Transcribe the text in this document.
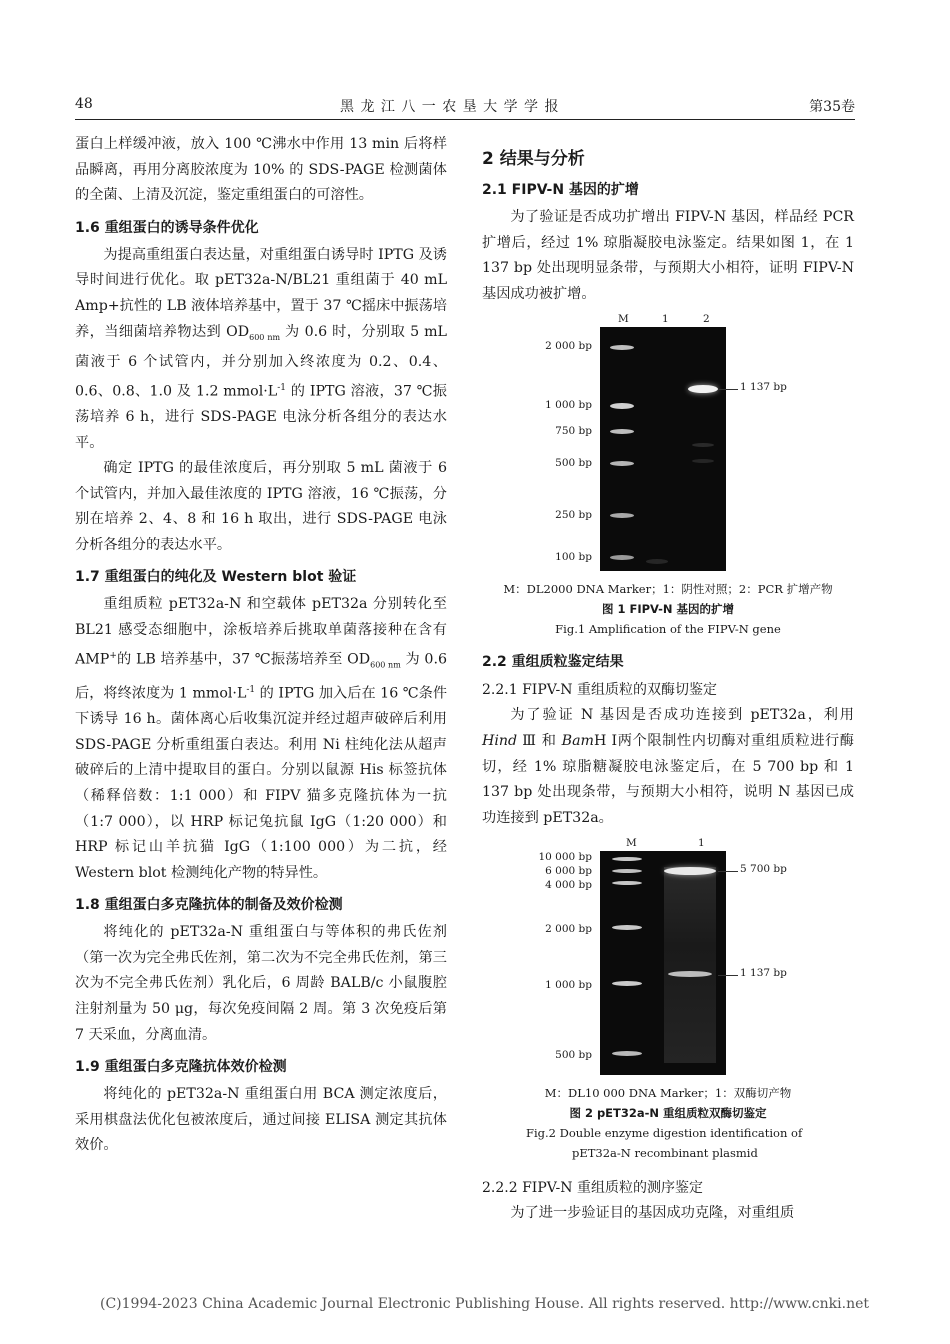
48	黑 龙 江 八 一 农 垦 大 学 学 报	第35卷

蛋白上样缓冲液，放入 100 ℃沸水中作用 13 min 后将样品瞬离，再用分离胶浓度为 10% 的 SDS-PAGE 检测菌体的全菌、上清及沉淀，鉴定重组蛋白的可溶性。

1.6 重组蛋白的诱导条件优化

为提高重组蛋白表达量，对重组蛋白诱导时 IPTG 及诱导时间进行优化。取 pET32a-N/BL21 重组菌于 40 mL Amp+抗性的 LB 液体培养基中，置于 37 ℃摇床中振荡培养，当细菌培养物达到 $OD_{600 nm}$ 为 0.6 时，分别取 5 mL 菌液于 6 个试管内，并分别加入终浓度为 0.2、0.4、0.6、0.8、1.0 及 1.2 $mmol\cdot L^{-1}$ 的 IPTG 溶液，37 ℃振荡培养 6 h，进行 SDS-PAGE 电泳分析各组分的表达水平。

确定 IPTG 的最佳浓度后，再分别取 5 mL 菌液于 6 个试管内，并加入最佳浓度的 IPTG 溶液，16 ℃振荡，分别在培养 2、4、8 和 16 h 取出，进行 SDS-PAGE 电泳分析各组分的表达水平。

1.7 重组蛋白的纯化及 Western blot 验证

重组质粒 pET32a-N 和空载体 pET32a 分别转化至 BL21 感受态细胞中，涂板培养后挑取单菌落接种在含有 AMP+的 LB 培养基中，37 ℃振荡培养至 $OD_{600 nm}$ 为 0.6 后，将终浓度为 1 $mmol\cdot L^{-1}$ 的 IPTG 加入后在 16 ℃条件下诱导 16 h。菌体离心后收集沉淀并经过超声破碎后利用 SDS-PAGE 分析重组蛋白表达。利用 Ni 柱纯化法从超声破碎后的上清中提取目的蛋白。分别以鼠源 His 标签抗体（稀释倍数：1:1 000）和 FIPV 猫多克隆抗体为一抗（1:7 000），以 HRP 标记兔抗鼠 IgG（1:20 000）和 HRP 标记山羊抗猫 IgG（1:100 000）为二抗，经 Western blot 检测纯化产物的特异性。

1.8 重组蛋白多克隆抗体的制备及效价检测

将纯化的 pET32a-N 重组蛋白与等体积的弗氏佐剂（第一次为完全弗氏佐剂，第二次为不完全弗氏佐剂，第三次为不完全弗氏佐剂）乳化后，6 周龄 BALB/c 小鼠腹腔注射剂量为 50 μg，每次免疫间隔 2 周。第 3 次免疫后第 7 天采血，分离血清。

1.9 重组蛋白多克隆抗体效价检测

将纯化的 pET32a-N 重组蛋白用 BCA 测定浓度后，采用棋盘法优化包被浓度后，通过间接 ELISA 测定其抗体效价。

2 结果与分析
2.1 FIPV-N 基因的扩增

为了验证是否成功扩增出 FIPV-N 基因，样品经 PCR 扩增后，经过 1% 琼脂凝胶电泳鉴定。结果如图 1，在 1 137 bp 处出现明显条带，与预期大小相符，证明 FIPV-N 基因成功被扩增。

M	1	2
2 000 bp
1 000 bp
750 bp
500 bp
250 bp
100 bp
1 137 bp

M：DL2000 DNA Marker；1：阴性对照；2：PCR 扩增产物

图 1 FIPV-N 基因的扩增

Fig.1 Amplification of the FIPV-N gene

2.2 重组质粒鉴定结果
2.2.1 FIPV-N 重组质粒的双酶切鉴定

为了验证 N 基因是否成功连接到 pET32a，利用 Hind Ⅲ 和 BamH Ⅰ两个限制性内切酶对重组质粒进行酶切，经 1% 琼脂糖凝胶电泳鉴定后，在 5 700 bp 和 1 137 bp 处出现条带，与预期大小相符，说明 N 基因已成功连接到 pET32a。

M	1
10 000 bp
6 000 bp
4 000 bp
2 000 bp
1 000 bp
500 bp
5 700 bp
1 137 bp

M：DL10 000 DNA Marker；1：双酶切产物

图 2 pET32a-N 重组质粒双酶切鉴定

Fig.2 Double enzyme digestion identification of

pET32a-N recombinant plasmid

2.2.2 FIPV-N 重组质粒的测序鉴定

为了进一步验证目的基因成功克隆，对重组质

(C)1994-2023 China Academic Journal Electronic Publishing House. All rights reserved. http://www.cnki.net
